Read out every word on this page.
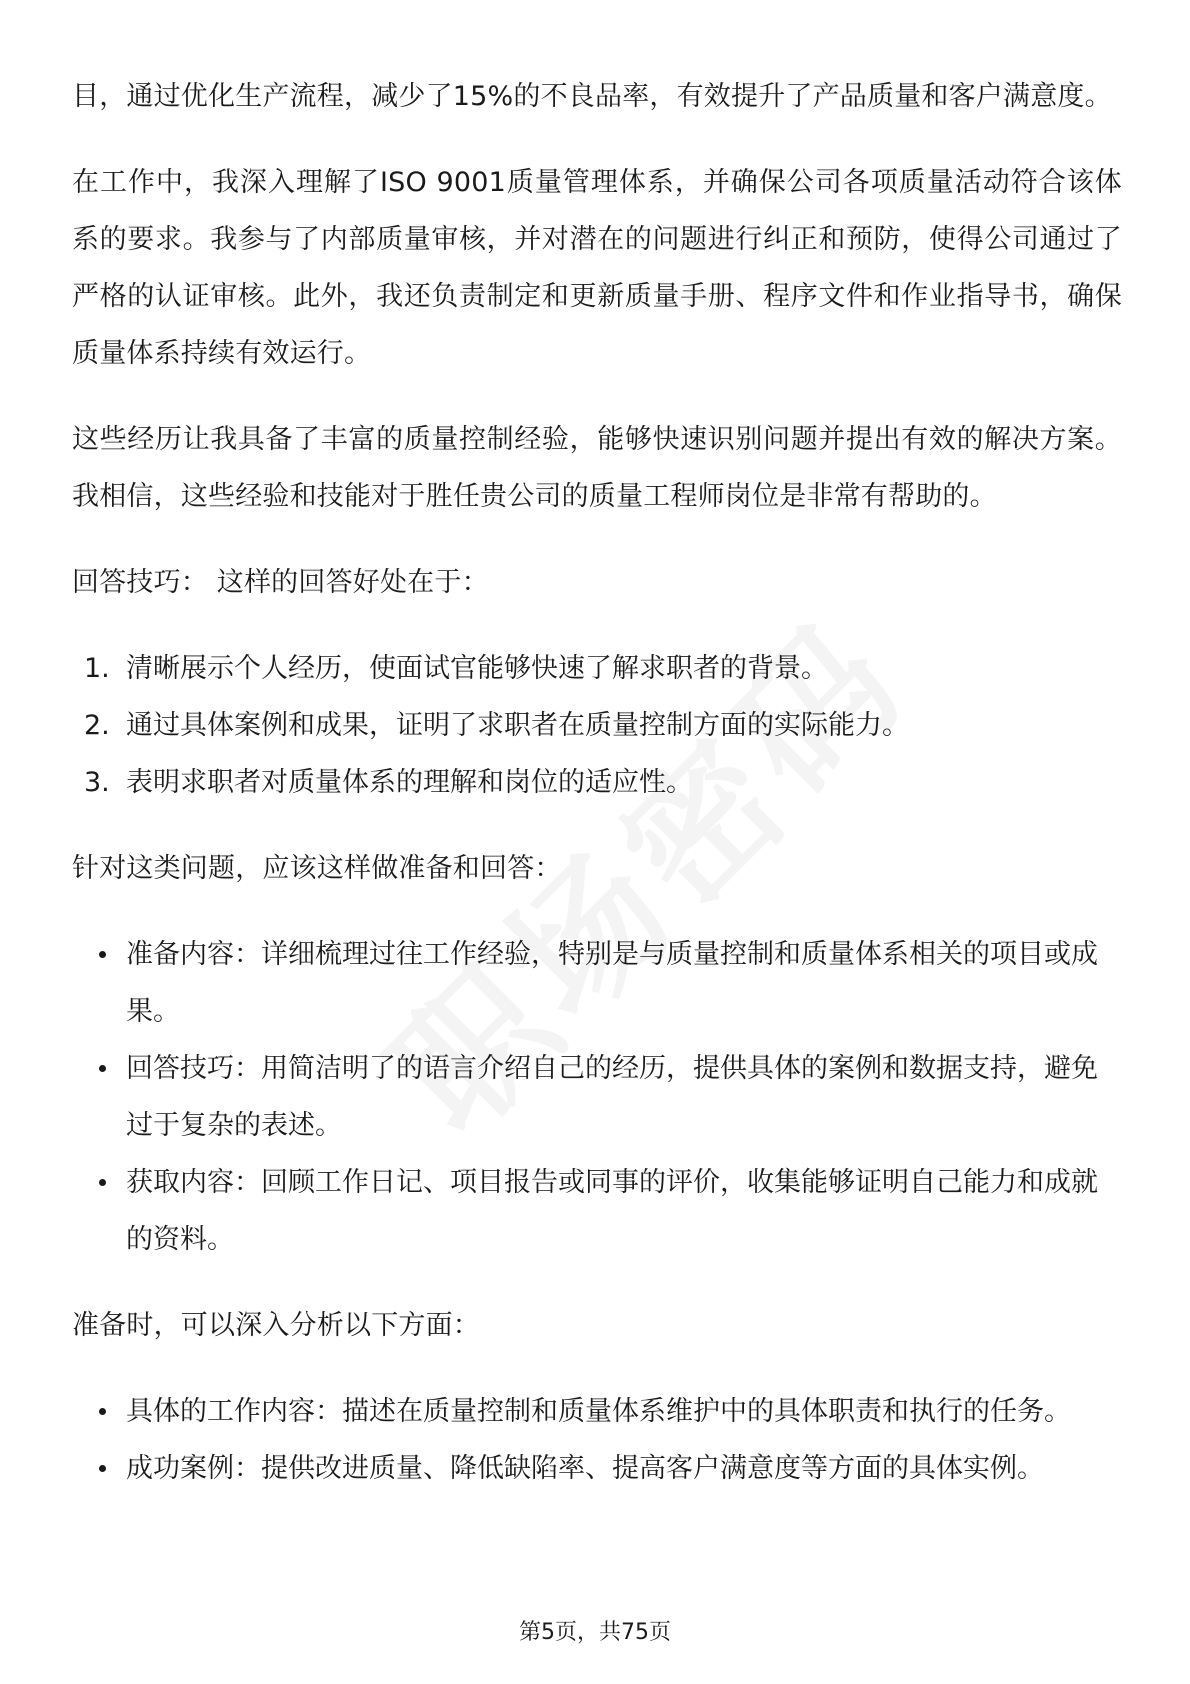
目，通过优化生产流程，减少了15%的不良品率，有效提升了产品质量和客户满意度。

在工作中，我深入理解了ISO 9001质量管理体系，并确保公司各项质量活动符合该体系的要求。我参与了内部质量审核，并对潜在的问题进行纠正和预防，使得公司通过了严格的认证审核。此外，我还负责制定和更新质量手册、程序文件和作业指导书，确保质量体系持续有效运行。

这些经历让我具备了丰富的质量控制经验，能够快速识别问题并提出有效的解决方案。我相信，这些经验和技能对于胜任贵公司的质量工程师岗位是非常有帮助的。

回答技巧： 这样的回答好处在于：

1. 清晰展示个人经历，使面试官能够快速了解求职者的背景。
2. 通过具体案例和成果，证明了求职者在质量控制方面的实际能力。
3. 表明求职者对质量体系的理解和岗位的适应性。

针对这类问题，应该这样做准备和回答：

准备内容：详细梳理过往工作经验，特别是与质量控制和质量体系相关的项目或成果。
回答技巧：用简洁明了的语言介绍自己的经历，提供具体的案例和数据支持，避免过于复杂的表述。
获取内容：回顾工作日记、项目报告或同事的评价，收集能够证明自己能力和成就的资料。

准备时，可以深入分析以下方面：

具体的工作内容：描述在质量控制和质量体系维护中的具体职责和执行的任务。
成功案例：提供改进质量、降低缺陷率、提高客户满意度等方面的具体实例。
第5页，共75页
